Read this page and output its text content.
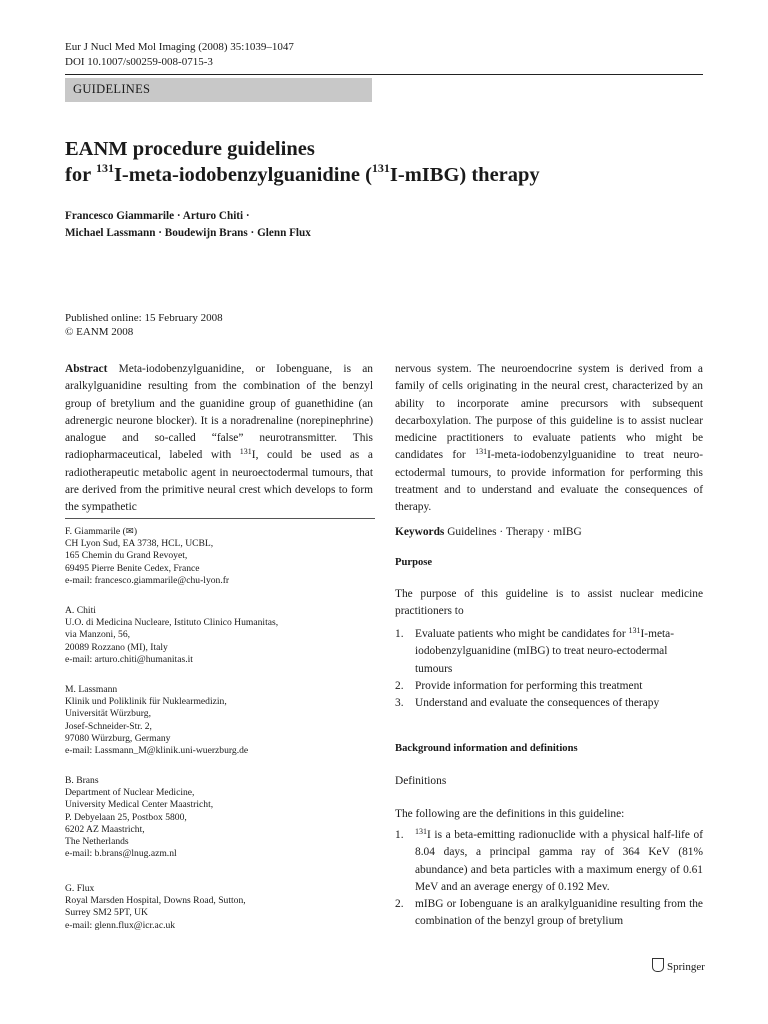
Eur J Nucl Med Mol Imaging (2008) 35:1039–1047
DOI 10.1007/s00259-008-0715-3
GUIDELINES
EANM procedure guidelines
for $^{131}$I-meta-iodobenzylguanidine ($^{131}$I-mIBG) therapy
Francesco Giammarile · Arturo Chiti ·
Michael Lassmann · Boudewijn Brans · Glenn Flux
Published online: 15 February 2008
© EANM 2008
Abstract Meta-iodobenzylguanidine, or Iobenguane, is an aralkylguanidine resulting from the combination of the benzyl group of bretylium and the guanidine group of guanethidine (an adrenergic neurone blocker). It is a noradrenaline (norepinephrine) analogue and so-called “false” neurotransmitter. This radiopharmaceutical, labeled with $^{131}$I, could be used as a radiotherapeutic metabolic agent in neuroectodermal tumours, that are derived from the primitive neural crest which develops to form the sympathetic
F. Giammarile (✉)
CH Lyon Sud, EA 3738, HCL, UCBL,
165 Chemin du Grand Revoyet,
69495 Pierre Benite Cedex, France
e-mail: francesco.giammarile@chu-lyon.fr
A. Chiti
U.O. di Medicina Nucleare, Istituto Clinico Humanitas,
via Manzoni, 56,
20089 Rozzano (MI), Italy
e-mail: arturo.chiti@humanitas.it
M. Lassmann
Klinik und Poliklinik für Nuklearmedizin,
Universität Würzburg,
Josef-Schneider-Str. 2,
97080 Würzburg, Germany
e-mail: Lassmann_M@klinik.uni-wuerzburg.de
B. Brans
Department of Nuclear Medicine,
University Medical Center Maastricht,
P. Debyelaan 25, Postbox 5800,
6202 AZ Maastricht,
The Netherlands
e-mail: b.brans@lnug.azm.nl
G. Flux
Royal Marsden Hospital, Downs Road, Sutton,
Surrey SM2 5PT, UK
e-mail: glenn.flux@icr.ac.uk
nervous system. The neuroendocrine system is derived from a family of cells originating in the neural crest, characterized by an ability to incorporate amine precursors with subsequent decarboxylation. The purpose of this guideline is to assist nuclear medicine practitioners to evaluate patients who might be candidates for $^{131}$I-meta-iodobenzylguanidine to treat neuro-ectodermal tumours, to provide information for performing this treatment and to understand and evaluate the consequences of therapy.
Keywords Guidelines · Therapy · mIBG
Purpose
The purpose of this guideline is to assist nuclear medicine practitioners to
1. Evaluate patients who might be candidates for $^{131}$I-meta-iodobenzylguanidine (mIBG) to treat neuro-ectodermal tumours
2. Provide information for performing this treatment
3. Understand and evaluate the consequences of therapy
Background information and definitions
Definitions
The following are the definitions in this guideline:
1. $^{131}$I is a beta-emitting radionuclide with a physical half-life of 8.04 days, a principal gamma ray of 364 KeV (81% abundance) and beta particles with a maximum energy of 0.61 MeV and an average energy of 0.192 Mev.
2. mIBG or Iobenguane is an aralkylguanidine resulting from the combination of the benzyl group of bretylium
Springer
